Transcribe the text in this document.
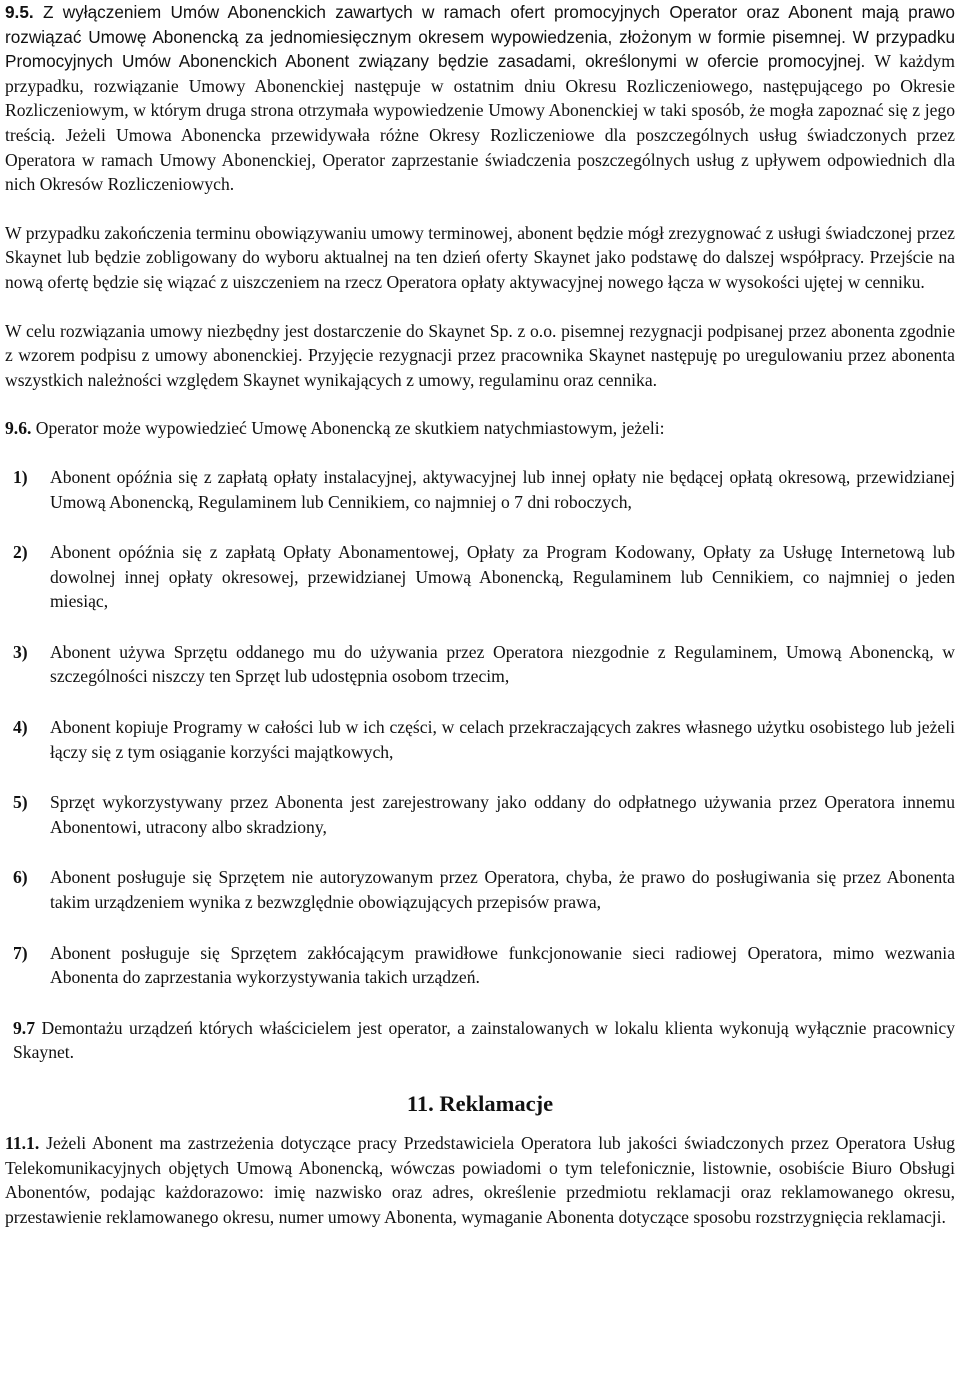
9.5. Z wyłączeniem Umów Abonenckich zawartych w ramach ofert promocyjnych Operator oraz Abonent mają prawo rozwiązać Umowę Abonencką za jednomiesięcznym okresem wypowiedzenia, złożonym w formie pisemnej. W przypadku Promocyjnych Umów Abonenckich Abonent związany będzie zasadami, określonymi w ofercie promocyjnej. W każdym przypadku, rozwiązanie Umowy Abonenckiej następuje w ostatnim dniu Okresu Rozliczeniowego, następującego po Okresie Rozliczeniowym, w którym druga strona otrzymała wypowiedzenie Umowy Abonenckiej w taki sposób, że mogła zapoznać się z jego treścią. Jeżeli Umowa Abonencka przewidywała różne Okresy Rozliczeniowe dla poszczególnych usług świadczonych przez Operatora w ramach Umowy Abonenckiej, Operator zaprzestanie świadczenia poszczególnych usług z upływem odpowiednich dla nich Okresów Rozliczeniowych.

W przypadku zakończenia terminu obowiązywaniu umowy terminowej, abonent będzie mógł zrezygnować z usługi świadczonej przez Skaynet lub będzie zobligowany do wyboru aktualnej na ten dzień oferty Skaynet jako podstawę do dalszej współpracy. Przejście na nową ofertę będzie się wiązać z uiszczeniem na rzecz Operatora opłaty aktywacyjnej nowego łącza w wysokości ujętej w cenniku.

W celu rozwiązania umowy niezbędny jest dostarczenie do Skaynet Sp. z o.o. pisemnej rezygnacji podpisanej przez abonenta zgodnie z wzorem podpisu z umowy abonenckiej. Przyjęcie rezygnacji przez pracownika Skaynet następuję po uregulowaniu przez abonenta wszystkich należności względem Skaynet wynikających z umowy, regulaminu oraz cennika.

9.6. Operator może wypowiedzieć Umowę Abonencką ze skutkiem natychmiastowym, jeżeli:

1) Abonent opóźnia się z zapłatą opłaty instalacyjnej, aktywacyjnej lub innej opłaty nie będącej opłatą okresową, przewidzianej Umową Abonencką, Regulaminem lub Cennikiem, co najmniej o 7 dni roboczych,

2) Abonent opóźnia się z zapłatą Opłaty Abonamentowej, Opłaty za Program Kodowany, Opłaty za Usługę Internetową lub dowolnej innej opłaty okresowej, przewidzianej Umową Abonencką, Regulaminem lub Cennikiem, co najmniej o jeden miesiąc,

3) Abonent używa Sprzętu oddanego mu do używania przez Operatora niezgodnie z Regulaminem, Umową Abonencką, w szczególności niszczy ten Sprzęt lub udostępnia osobom trzecim,

4) Abonent kopiuje Programy w całości lub w ich części, w celach przekraczających zakres własnego użytku osobistego lub jeżeli łączy się z tym osiąganie korzyści majątkowych,

5) Sprzęt wykorzystywany przez Abonenta jest zarejestrowany jako oddany do odpłatnego używania przez Operatora innemu Abonentowi, utracony albo skradziony,

6) Abonent posługuje się Sprzętem nie autoryzowanym przez Operatora, chyba, że prawo do posługiwania się przez Abonenta takim urządzeniem wynika z bezwzględnie obowiązujących przepisów prawa,

7) Abonent posługuje się Sprzętem zakłócającym prawidłowe funkcjonowanie sieci radiowej Operatora, mimo wezwania Abonenta do zaprzestania wykorzystywania takich urządzeń.

9.7 Demontażu urządzeń których właścicielem jest operator, a zainstalowanych w lokalu klienta wykonują wyłącznie pracownicy Skaynet.

11. Reklamacje

11.1. Jeżeli Abonent ma zastrzeżenia dotyczące pracy Przedstawiciela Operatora lub jakości świadczonych przez Operatora Usług Telekomunikacyjnych objętych Umową Abonencką, wówczas powiadomi o tym telefonicznie, listownie, osobiście Biuro Obsługi Abonentów, podając każdorazowo: imię nazwisko oraz adres, określenie przedmiotu reklamacji oraz reklamowanego okresu, przestawienie reklamowanego okresu, numer umowy Abonenta, wymaganie Abonenta dotyczące sposobu rozstrzygnięcia reklamacji.
